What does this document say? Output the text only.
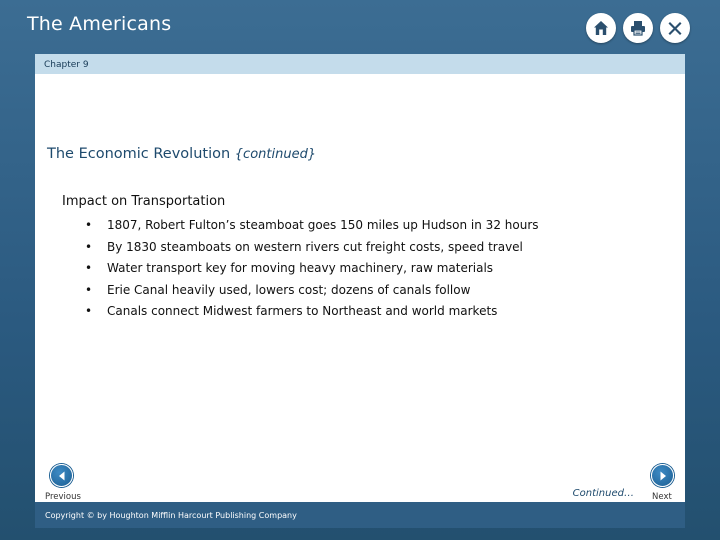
The Americans
Chapter 9
The Economic Revolution {continued}
Impact on Transportation
• 1807, Robert Fulton’s steamboat goes 150 miles up Hudson in 32 hours
• By 1830 steamboats on western rivers cut freight costs, speed travel
• Water transport key for moving heavy machinery, raw materials
• Erie Canal heavily used, lowers cost; dozens of canals follow
• Canals connect Midwest farmers to Northeast and world markets
Previous	Continued… Next
Copyright © by Houghton Mifflin Harcourt Publishing Company
